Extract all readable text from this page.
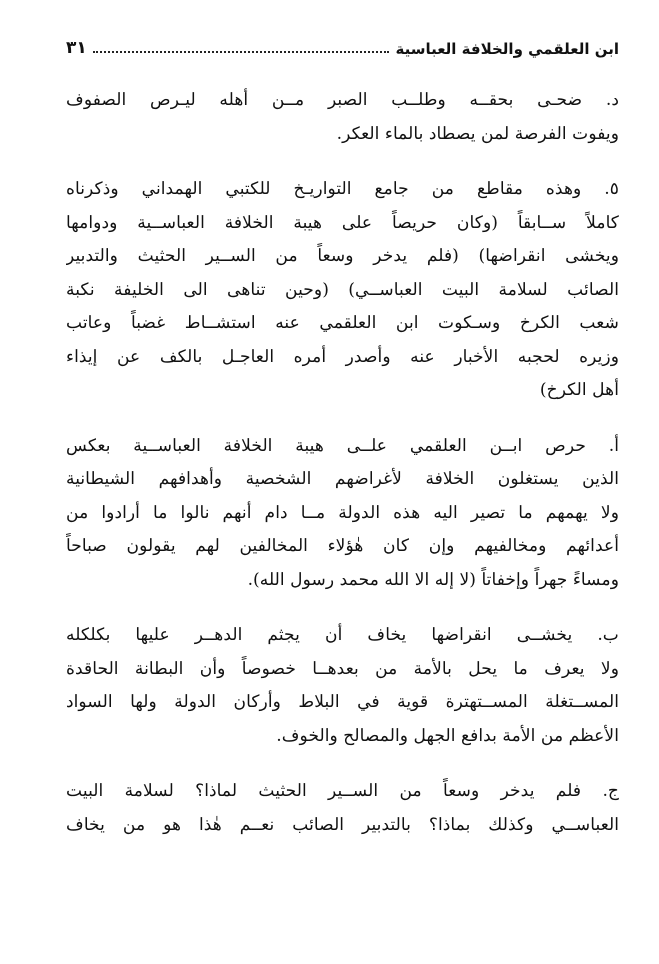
ابن العلقمي والخلافة العباسية
٣١
د. ضحـى بحقــه وطلــب الصبر مــن أهله ليـرص الصفوف
ويفوت الفرصة لمن يصطاد بالماء العكر.
٥. وهذه مقاطع من جامع التواريـخ للكتبي الهمداني وذكرناه
كاملاً ســابقاً (وكان حريصاً على هيبة الخلافة العباســية ودوامها
ويخشى انقراضها) (فلم يدخر وسعاً من الســير الحثيث والتدبير
الصائب لسلامة البيت العباســي) (وحين تناهى الى الخليفة نكبة
شعب الكرخ وسـكوت ابن العلقمي عنه استشــاط غضباً وعاتب
وزيره لحجبه الأخبار عنه وأصدر أمره العاجـل بالكف عن إيذاء
أهل الكرخ)
أ. حرص ابــن العلقمي علــى هيبة الخلافة العباســية بعكس
الذين يستغلون الخلافة لأغراضهم الشخصية وأهدافهم الشيطانية
ولا يهمهم ما تصير اليه هذه الدولة مــا دام أنهم نالوا ما أرادوا من
أعدائهم ومخالفيهم وإن كان هٰؤلاء المخالفين لهم يقولون صباحاً
ومساءً جهراً وإخفاتاً (لا إله الا الله محمد رسول الله).
ب. يخشــى انقراضها يخاف أن يجثم الدهــر عليها بكلكله
ولا يعرف ما يحل بالأمة من بعدهــا خصوصاً وأن البطانة الحاقدة
المســتغلة المســتهترة قوية في البلاط وأركان الدولة ولها السواد
الأعظم من الأمة بدافع الجهل والمصالح والخوف.
ج. فلم يدخر وسعاً من الســير الحثيث لماذا؟ لسلامة البيت
العباســي وكذلك بماذا؟ بالتدبير الصائب نعــم هٰذا هو من يخاف
